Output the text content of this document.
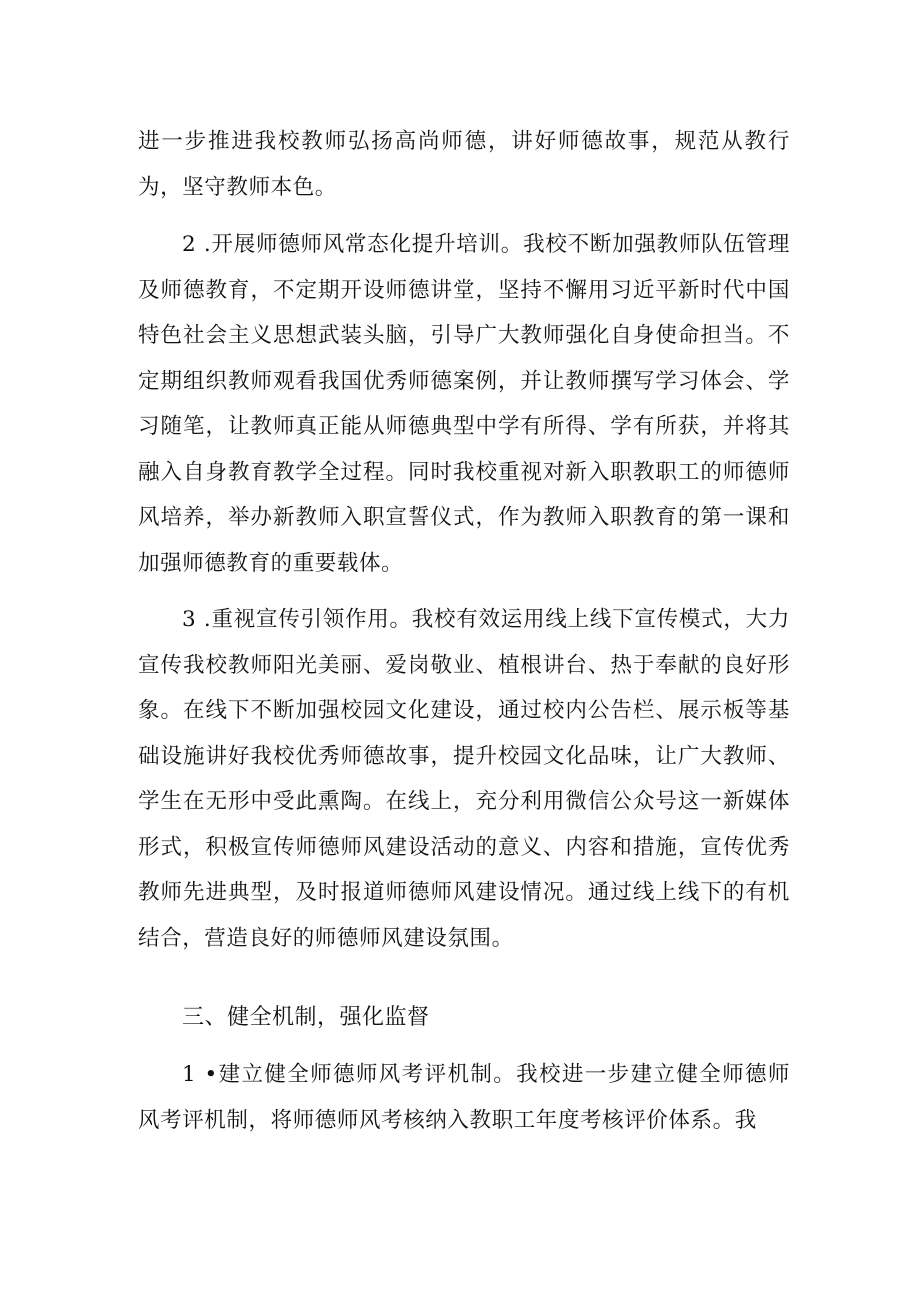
进一步推进我校教师弘扬高尚师德，讲好师德故事，规范从教行为，坚守教师本色。

2 .开展师德师风常态化提升培训。我校不断加强教师队伍管理及师德教育，不定期开设师德讲堂，坚持不懈用习近平新时代中国特色社会主义思想武装头脑，引导广大教师强化自身使命担当。不定期组织教师观看我国优秀师德案例，并让教师撰写学习体会、学习随笔，让教师真正能从师德典型中学有所得、学有所获，并将其融入自身教育教学全过程。同时我校重视对新入职教职工的师德师风培养，举办新教师入职宣誓仪式，作为教师入职教育的第一课和加强师德教育的重要载体。

3 .重视宣传引领作用。我校有效运用线上线下宣传模式，大力宣传我校教师阳光美丽、爱岗敬业、植根讲台、热于奉献的良好形象。在线下不断加强校园文化建设，通过校内公告栏、展示板等基础设施讲好我校优秀师德故事，提升校园文化品味，让广大教师、学生在无形中受此熏陶。在线上，充分利用微信公众号这一新媒体形式，积极宣传师德师风建设活动的意义、内容和措施，宣传优秀教师先进典型，及时报道师德师风建设情况。通过线上线下的有机结合，营造良好的师德师风建设氛围。

三、健全机制，强化监督

1 •建立健全师德师风考评机制。我校进一步建立健全师德师风考评机制，将师德师风考核纳入教职工年度考核评价体系。我
